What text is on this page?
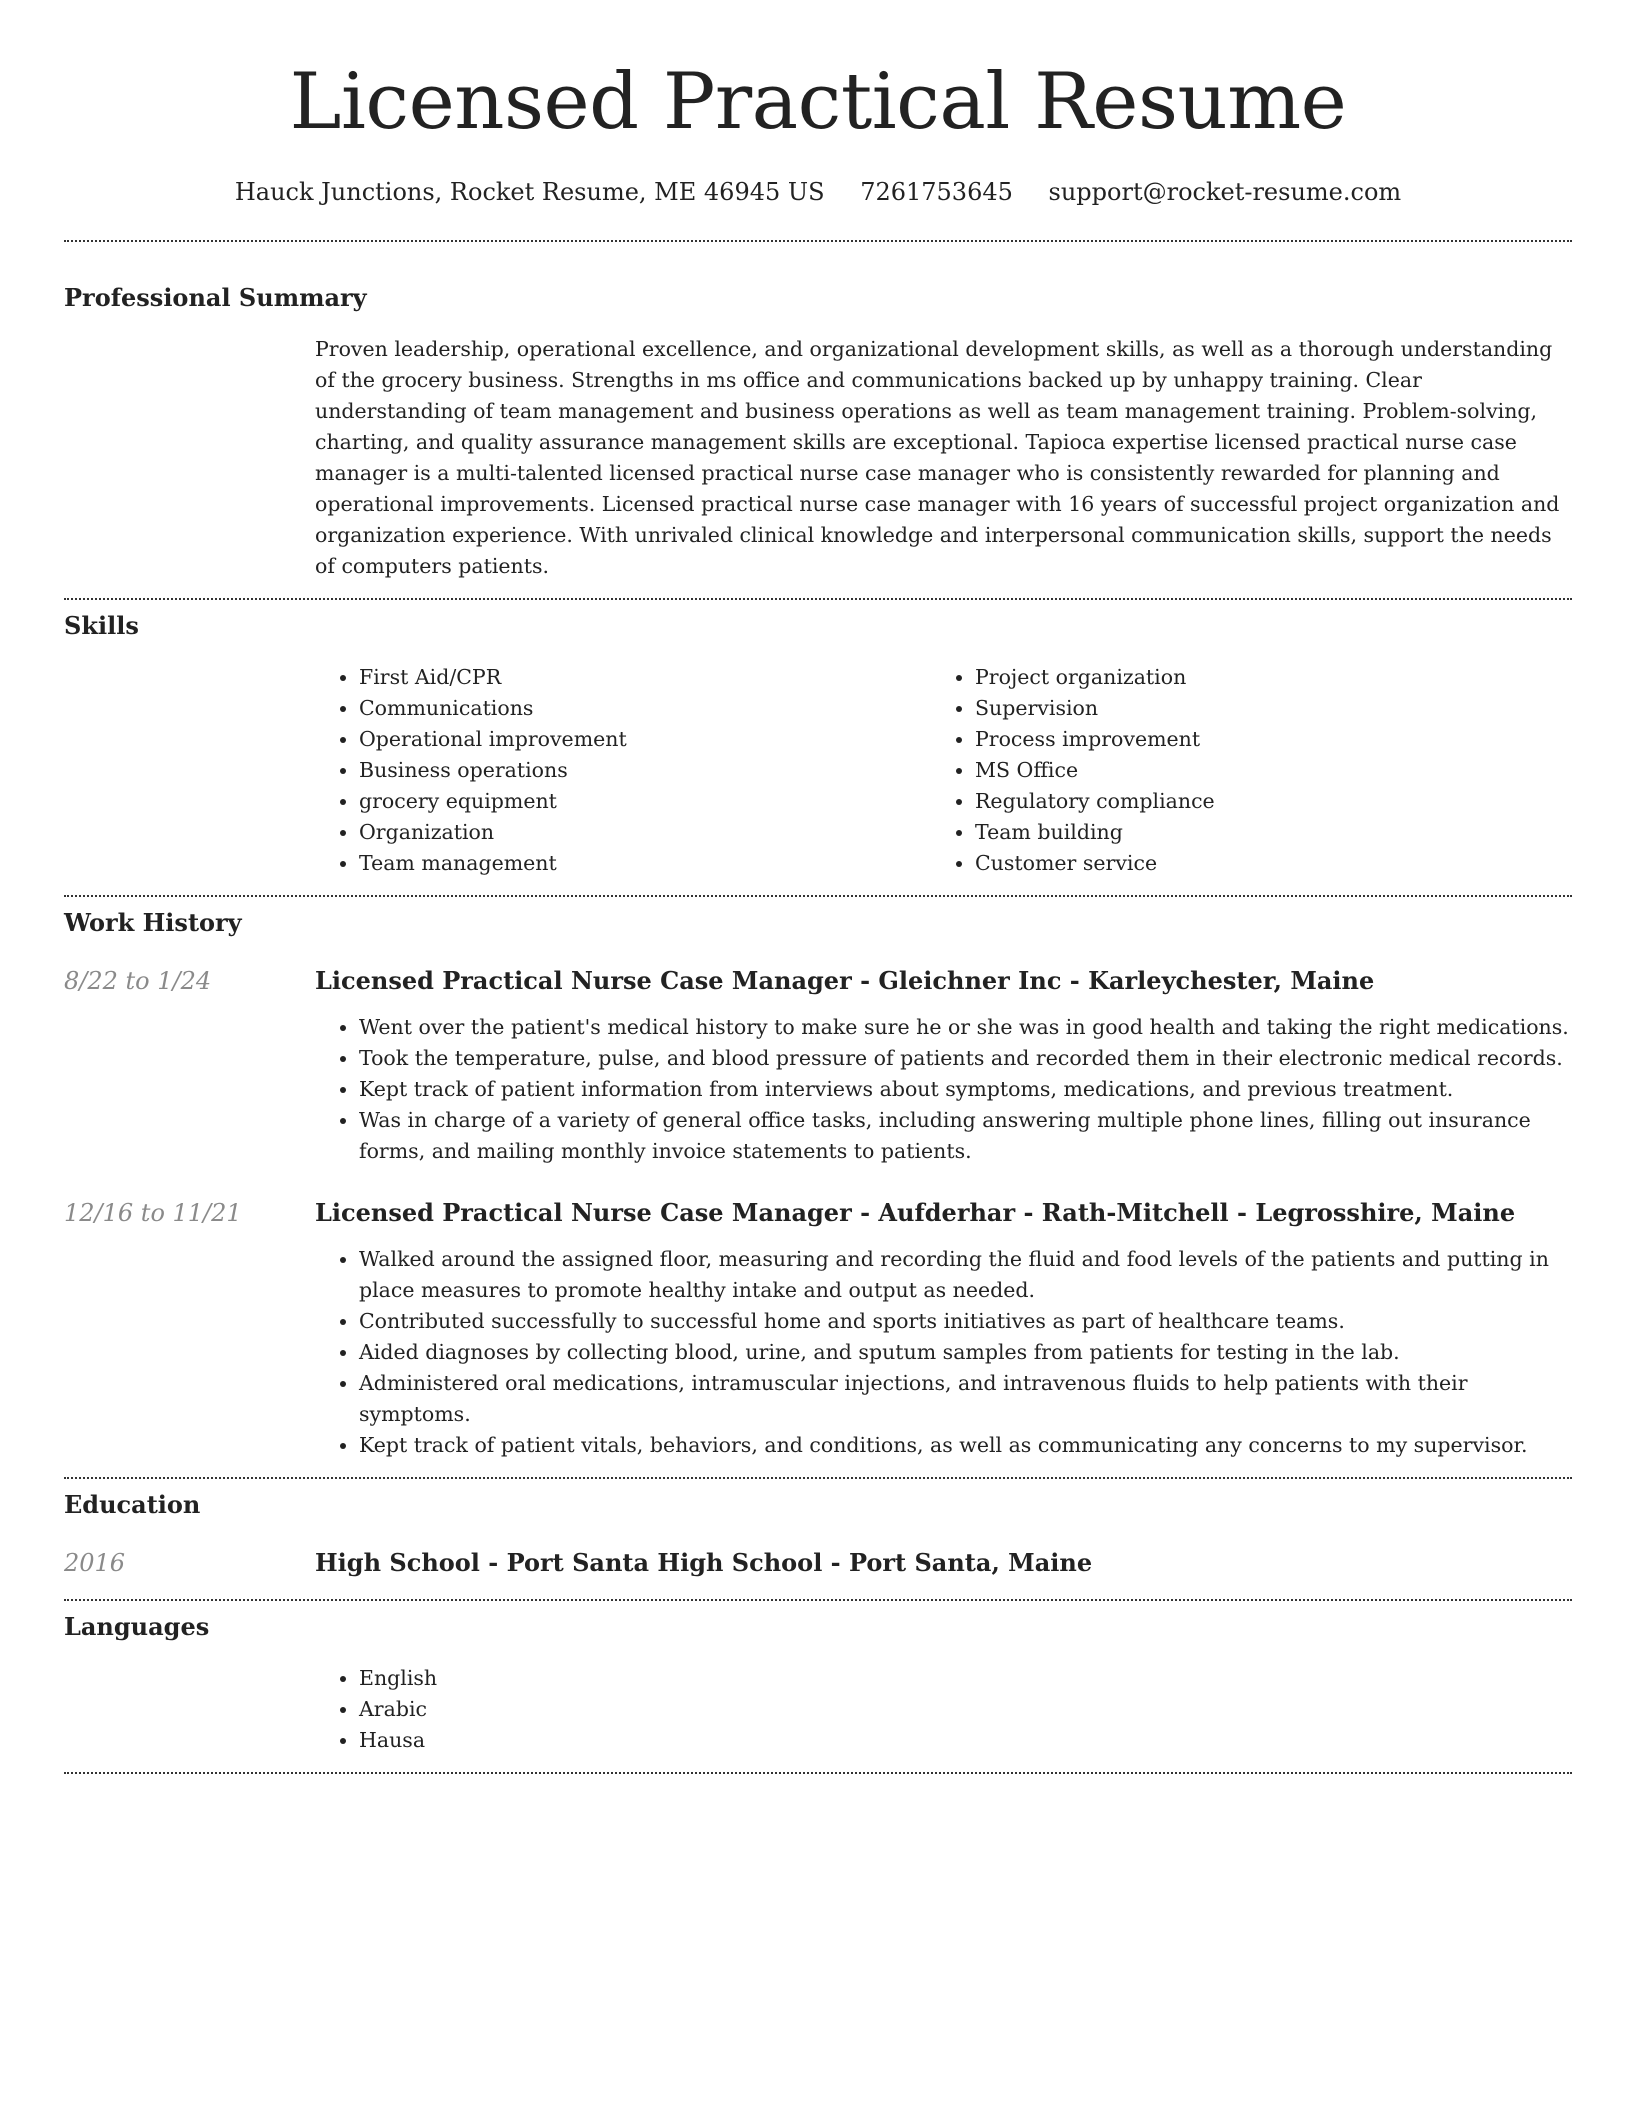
Licensed Practical Resume
Hauck Junctions, Rocket Resume, ME 46945 US 7261753645 support@rocket-resume.com
Professional Summary

Proven leadership, operational excellence, and organizational development skills, as well as a thorough understanding of the grocery business. Strengths in ms office and communications backed up by unhappy training. Clear understanding of team management and business operations as well as team management training. Problem-solving, charting, and quality assurance management skills are exceptional. Tapioca expertise licensed practical nurse case manager is a multi-talented licensed practical nurse case manager who is consistently rewarded for planning and operational improvements. Licensed practical nurse case manager with 16 years of successful project organization and organization experience. With unrivaled clinical knowledge and interpersonal communication skills, support the needs of computers patients.

Skills
• First Aid/CPR
• Communications
• Operational improvement
• Business operations
• grocery equipment
• Organization
• Team management
• Project organization
• Supervision
• Process improvement
• MS Office
• Regulatory compliance
• Team building
• Customer service
Work History
8/22 to 1/24	Licensed Practical Nurse Case Manager - Gleichner Inc - Karleychester, Maine
• Went over the patient's medical history to make sure he or she was in good health and taking the right medications.
• Took the temperature, pulse, and blood pressure of patients and recorded them in their electronic medical records.
• Kept track of patient information from interviews about symptoms, medications, and previous treatment.
• Was in charge of a variety of general office tasks, including answering multiple phone lines, filling out insurance forms, and mailing monthly invoice statements to patients.
12/16 to 11/21	Licensed Practical Nurse Case Manager - Aufderhar - Rath-Mitchell - Legrosshire, Maine
• Walked around the assigned floor, measuring and recording the fluid and food levels of the patients and putting in place measures to promote healthy intake and output as needed.
• Contributed successfully to successful home and sports initiatives as part of healthcare teams.
• Aided diagnoses by collecting blood, urine, and sputum samples from patients for testing in the lab.
• Administered oral medications, intramuscular injections, and intravenous fluids to help patients with their symptoms.
• Kept track of patient vitals, behaviors, and conditions, as well as communicating any concerns to my supervisor.
Education
2016	High School - Port Santa High School - Port Santa, Maine
Languages
• English
• Arabic
• Hausa
